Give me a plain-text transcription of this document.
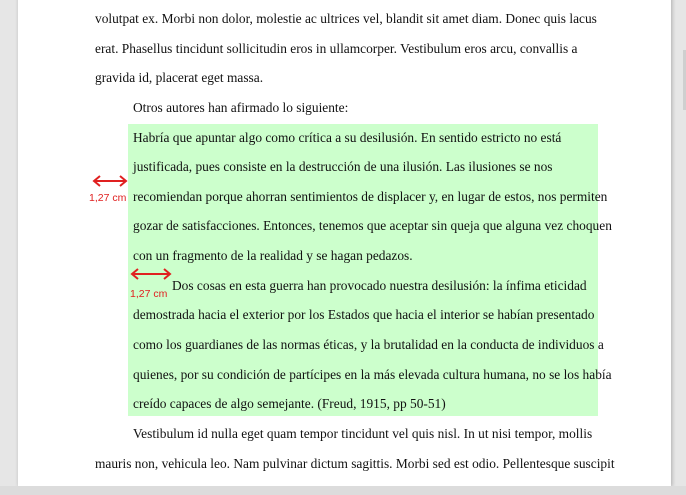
volutpat ex. Morbi non dolor, molestie ac ultrices vel, blandit sit amet diam. Donec quis lacus
erat. Phasellus tincidunt sollicitudin eros in ullamcorper. Vestibulum eros arcu, convallis a
gravida id, placerat eget massa.
Otros autores han afirmado lo siguiente:
Habría que apuntar algo como crítica a su desilusión. En sentido estricto no está
justificada, pues consiste en la destrucción de una ilusión. Las ilusiones se nos
recomiendan porque ahorran sentimientos de displacer y, en lugar de estos, nos permiten
gozar de satisfacciones. Entonces, tenemos que aceptar sin queja que alguna vez choquen
con un fragmento de la realidad y se hagan pedazos.
Dos cosas en esta guerra han provocado nuestra desilusión: la ínfima eticidad
demostrada hacia el exterior por los Estados que hacia el interior se habían presentado
como los guardianes de las normas éticas, y la brutalidad en la conducta de individuos a
quienes, por su condición de partícipes en la más elevada cultura humana, no se los había
creído capaces de algo semejante. (Freud, 1915, pp 50-51)
Vestibulum id nulla eget quam tempor tincidunt vel quis nisl. In ut nisi tempor, mollis
mauris non, vehicula leo. Nam pulvinar dictum sagittis. Morbi sed est odio. Pellentesque suscipit
1,27 cm
1,27 cm
